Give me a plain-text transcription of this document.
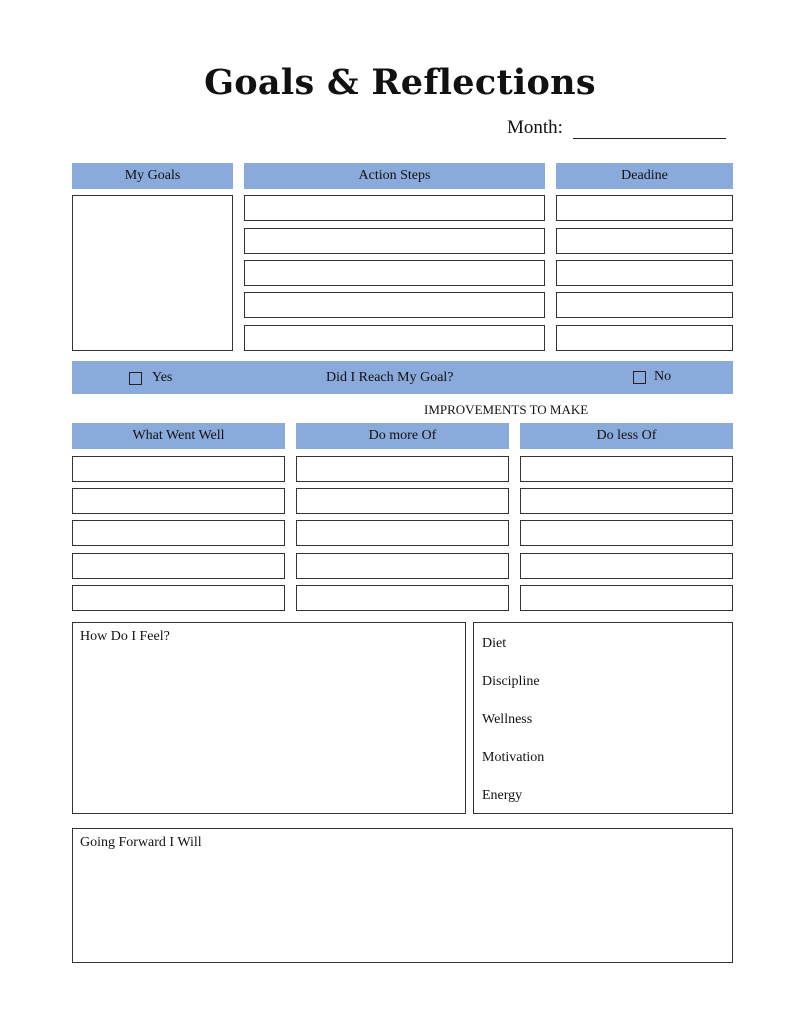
Goals & Reflections
Month:
My Goals	Action Steps	Deadine
Yes	Did I Reach My Goal?	No
IMPROVEMENTS TO MAKE
What Went Well	Do more Of	Do less Of
How Do I Feel?	Diet
Discipline
Wellness
Motivation
Energy
Going Forward I Will
